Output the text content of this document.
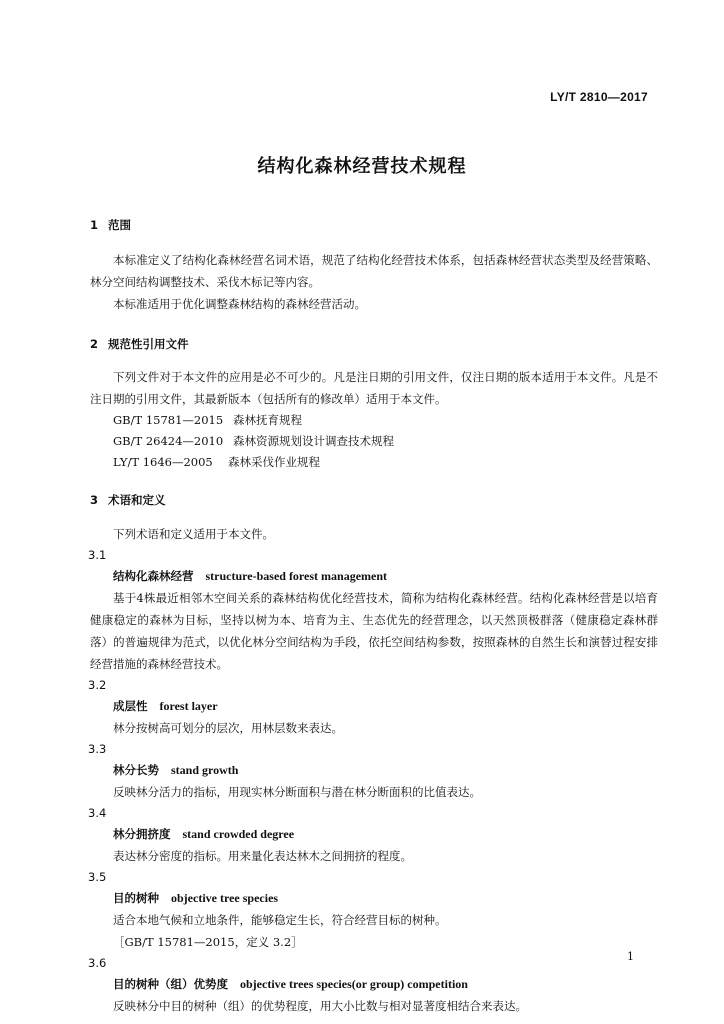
LY/T 2810—2017
结构化森林经营技术规程
1 范围

本标准定义了结构化森林经营名词术语，规范了结构化经营技术体系，包括森林经营状态类型及经营策略、林分空间结构调整技术、采伐木标记等内容。

本标准适用于优化调整森林结构的森林经营活动。

2 规范性引用文件

下列文件对于本文件的应用是必不可少的。凡是注日期的引用文件，仅注日期的版本适用于本文件。凡是不注日期的引用文件，其最新版本（包括所有的修改单）适用于本文件。

GB/T 15781—2015 森林抚育规程
GB/T 26424—2010 森林资源规划设计调查技术规程
LY/T 1646—2005 森林采伐作业规程
3 术语和定义

下列术语和定义适用于本文件。

3.1
结构化森林经营 structure-based forest management

基于4株最近相邻木空间关系的森林结构优化经营技术，简称为结构化森林经营。结构化森林经营是以培育健康稳定的森林为目标，坚持以树为本、培育为主、生态优先的经营理念，以天然顶极群落（健康稳定森林群落）的普遍规律为范式，以优化林分空间结构为手段，依托空间结构参数，按照森林的自然生长和演替过程安排经营措施的森林经营技术。

3.2
成层性 forest layer

林分按树高可划分的层次，用林层数来表达。

3.3
林分长势 stand growth

反映林分活力的指标，用现实林分断面积与潜在林分断面积的比值表达。

3.4
林分拥挤度 stand crowded degree

表达林分密度的指标。用来量化表达林木之间拥挤的程度。

3.5
目的树种 objective tree species

适合本地气候和立地条件，能够稳定生长，符合经营目标的树种。

［GB/T 15781—2015，定义 3.2］
3.6
目的树种（组）优势度 objective trees species(or group) competition

反映林分中目的树种（组）的优势程度，用大小比数与相对显著度相结合来表达。

1
